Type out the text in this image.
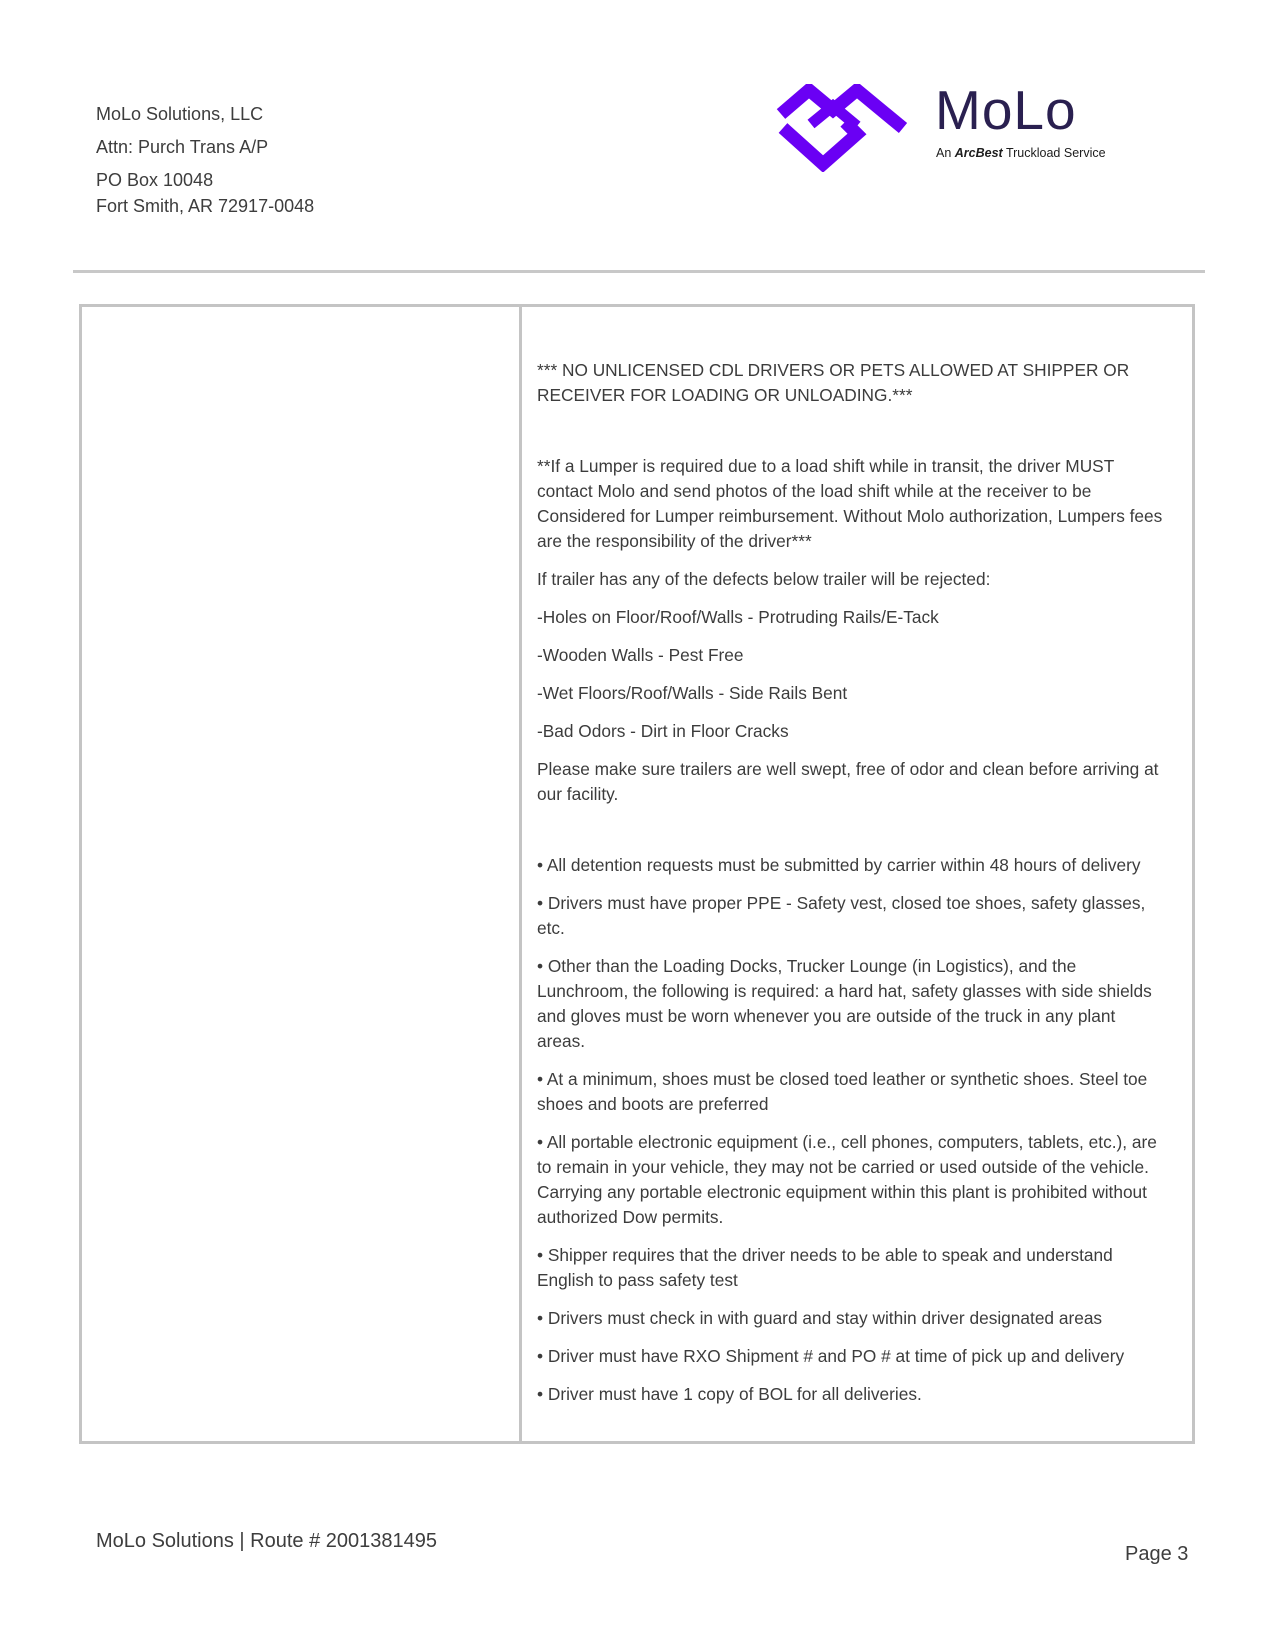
MoLo Solutions, LLC
Attn: Purch Trans A/P
PO Box 10048
Fort Smith, AR 72917-0048
MoLo
An ArcBest Truckload Service

*** NO UNLICENSED CDL DRIVERS OR PETS ALLOWED AT SHIPPER OR RECEIVER FOR LOADING OR UNLOADING.***

**If a Lumper is required due to a load shift while in transit, the driver MUST contact Molo and send photos of the load shift while at the receiver to be Considered for Lumper reimbursement. Without Molo authorization, Lumpers fees are the responsibility of the driver***

If trailer has any of the defects below trailer will be rejected:

-Holes on Floor/Roof/Walls - Protruding Rails/E-Tack

-Wooden Walls - Pest Free

-Wet Floors/Roof/Walls - Side Rails Bent

-Bad Odors - Dirt in Floor Cracks

Please make sure trailers are well swept, free of odor and clean before arriving at our facility.

• All detention requests must be submitted by carrier within 48 hours of delivery

• Drivers must have proper PPE - Safety vest, closed toe shoes, safety glasses, etc.

• Other than the Loading Docks, Trucker Lounge (in Logistics), and the Lunchroom, the following is required: a hard hat, safety glasses with side shields and gloves must be worn whenever you are outside of the truck in any plant areas.

• At a minimum, shoes must be closed toed leather or synthetic shoes. Steel toe shoes and boots are preferred

• All portable electronic equipment (i.e., cell phones, computers, tablets, etc.), are to remain in your vehicle, they may not be carried or used outside of the vehicle. Carrying any portable electronic equipment within this plant is prohibited without authorized Dow permits.

• Shipper requires that the driver needs to be able to speak and understand English to pass safety test

• Drivers must check in with guard and stay within driver designated areas

• Driver must have RXO Shipment # and PO # at time of pick up and delivery

• Driver must have 1 copy of BOL for all deliveries.

MoLo Solutions | Route # 2001381495
Page 3
